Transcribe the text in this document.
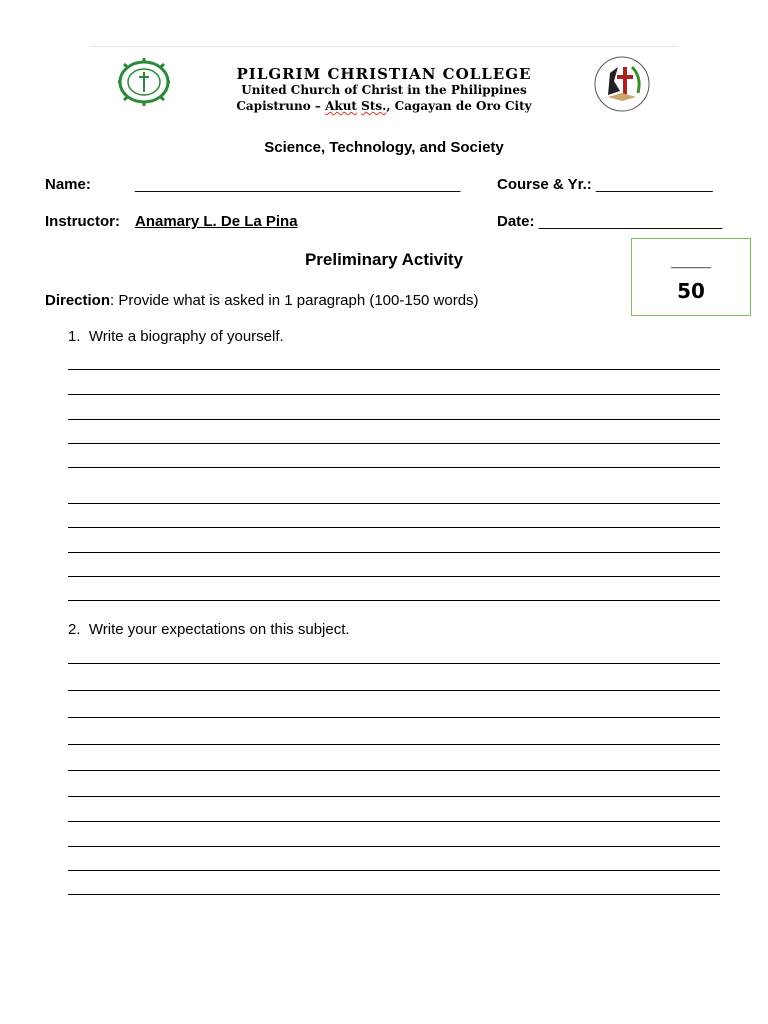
PILGRIM CHRISTIAN COLLEGE
United Church of Christ in the Philippines
Capistruno – Akut Sts., Cagayan de Oro City
Science, Technology, and Society
Name:	_______________________________________ Course & Yr.: ______________
Instructor: Anamary L. De La Pina	Date: ______________________
Preliminary Activity	____
50
Direction: Provide what is asked in 1 paragraph (100-150 words)
1. Write a biography of yourself.
2. Write your expectations on this subject.
